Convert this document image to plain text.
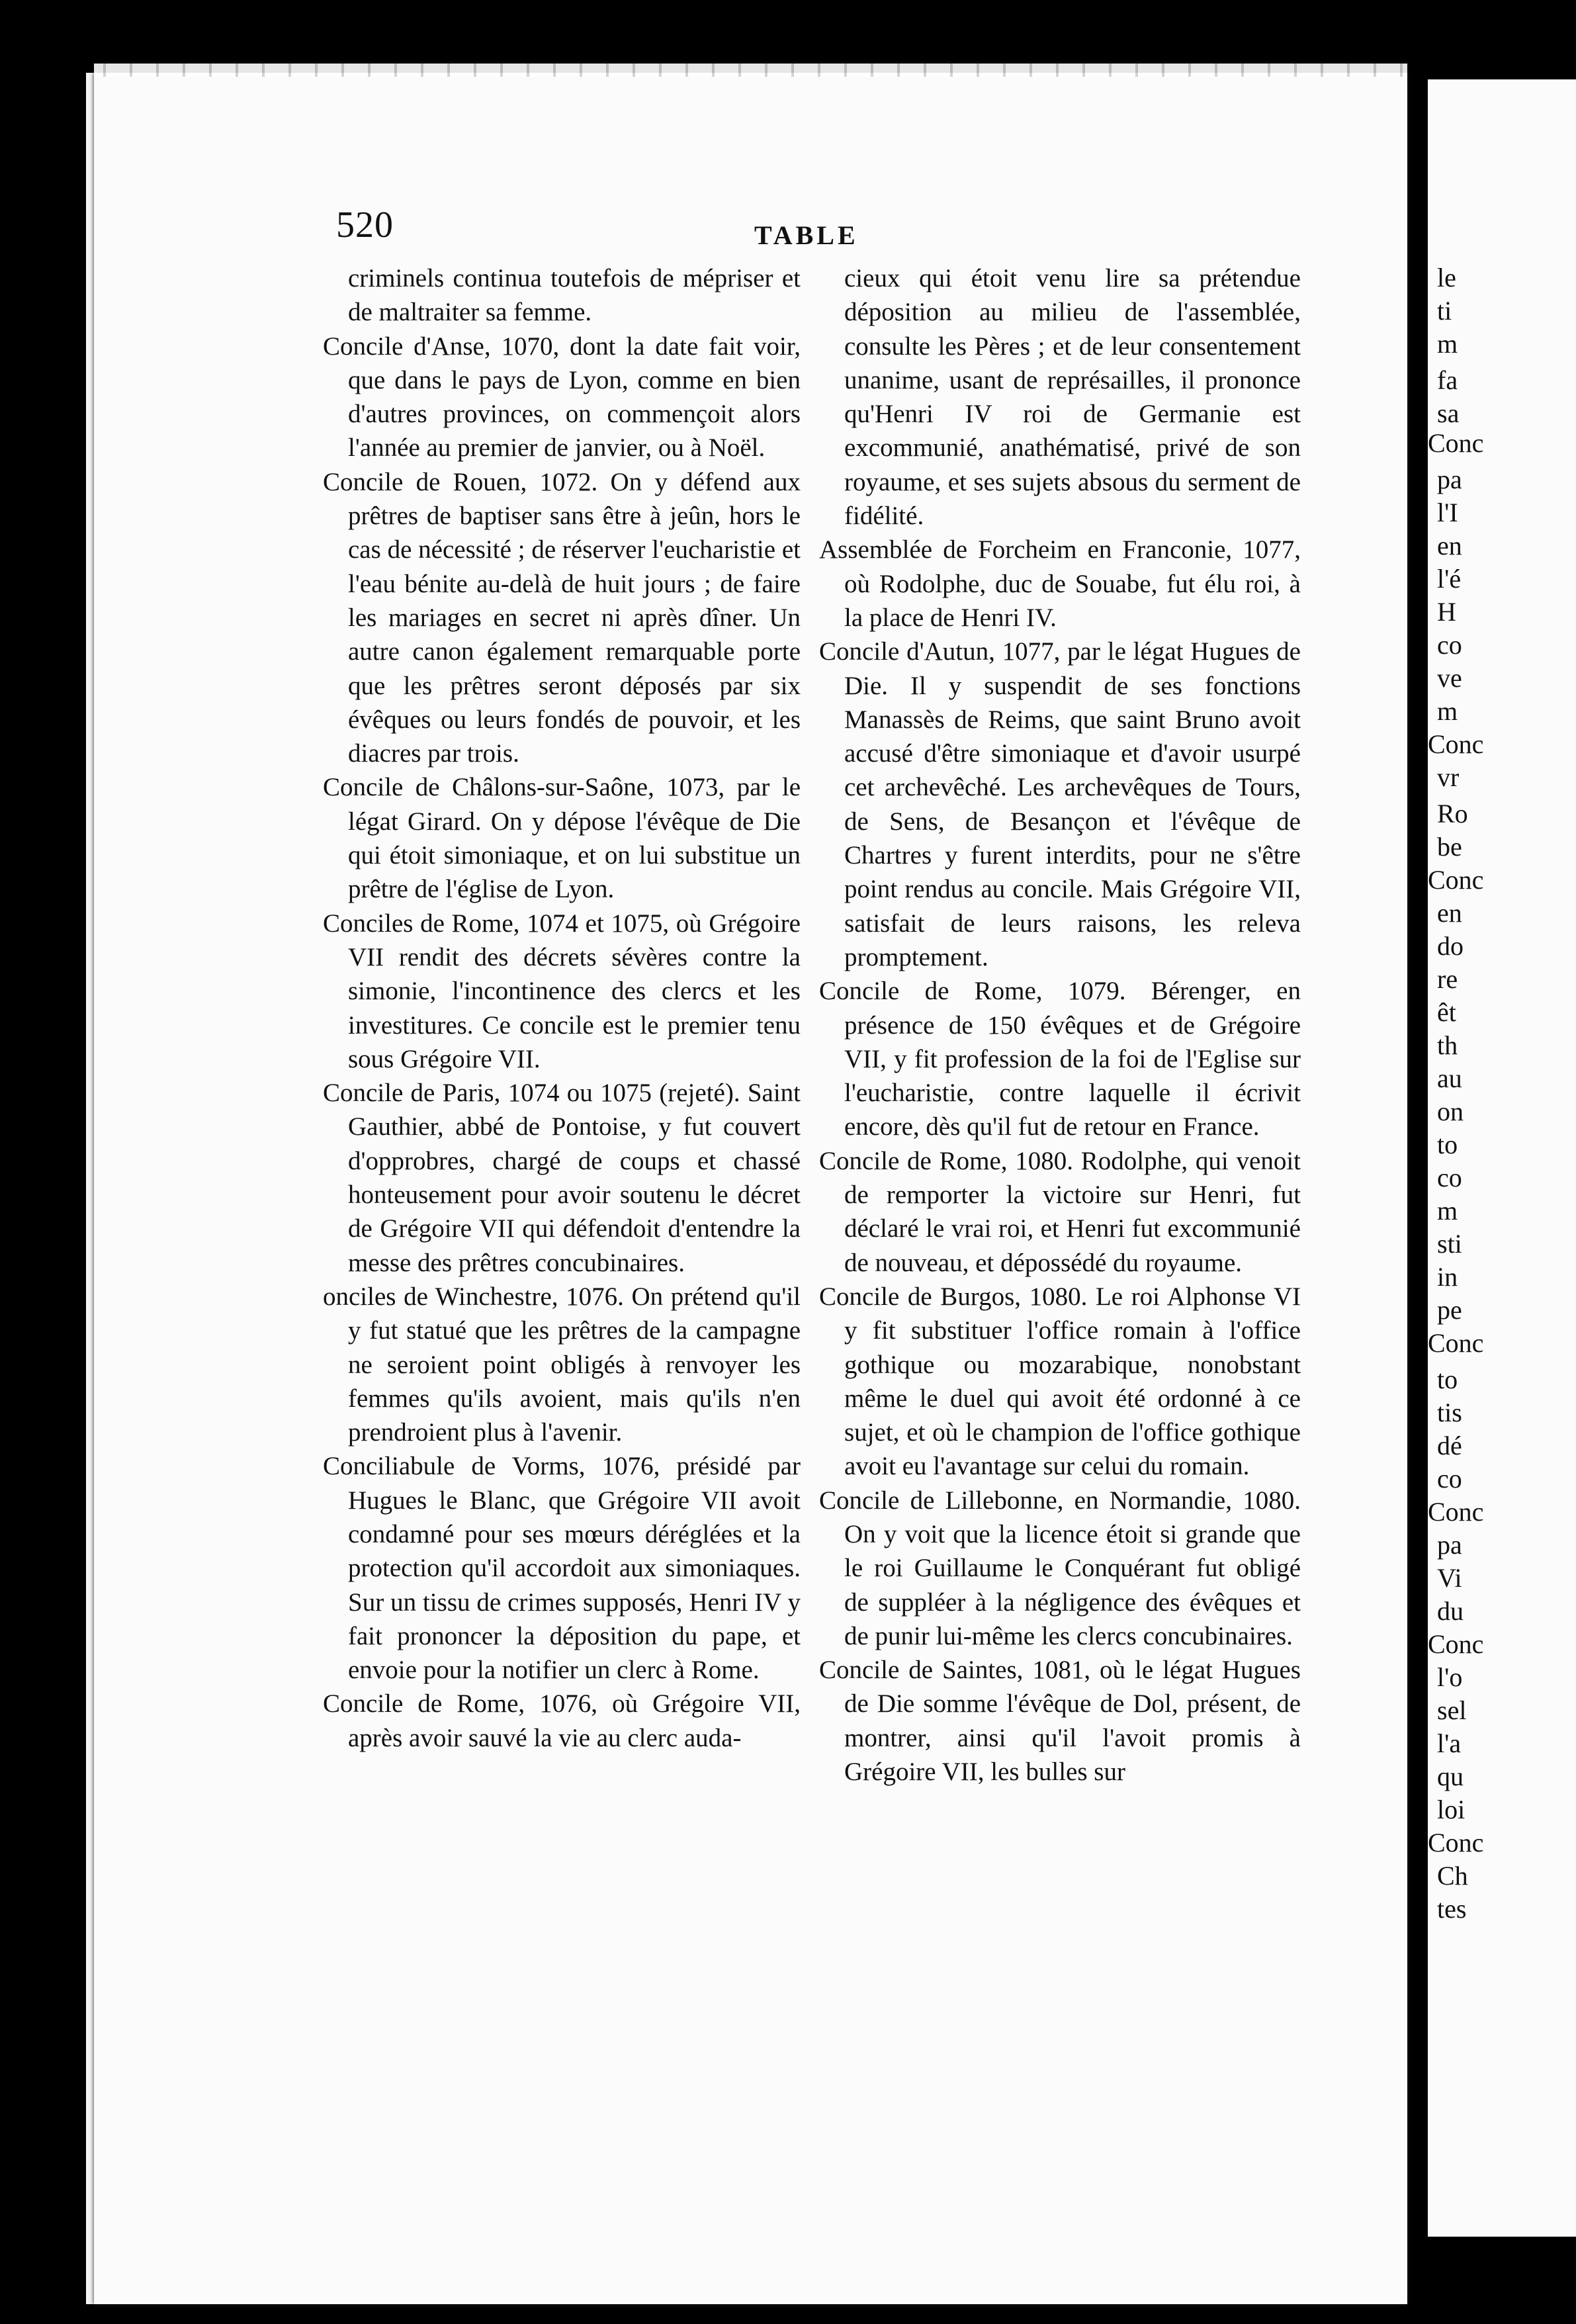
le
ti
m
fa
sa
Conc
pa
l'I
en
l'é
H
co
ve
m
Conc
vr
Ro
be
Conc
en
do
re
êt
th
au
on
to
co
m
sti
in
pe
Conc
to
tis
dé
co
Conc
pa
Vi
du
Conc
l'o
sel
l'a
qu
loi
Conc
Ch
tes
520	TABLE

criminels continua toutefois de mépriser et de maltraiter sa femme.

Concile d'Anse, 1070, dont la date fait voir, que dans le pays de Lyon, comme en bien d'autres provinces, on commençoit alors l'année au premier de janvier, ou à Noël.

Concile de Rouen, 1072. On y défend aux prêtres de baptiser sans être à jeûn, hors le cas de nécessité ; de réserver l'eucharistie et l'eau bénite au-delà de huit jours ; de faire les mariages en secret ni après dîner. Un autre canon également remarquable porte que les prêtres seront déposés par six évêques ou leurs fondés de pouvoir, et les diacres par trois.

Concile de Châlons-sur-Saône, 1073, par le légat Girard. On y dépose l'évêque de Die qui étoit simoniaque, et on lui substitue un prêtre de l'église de Lyon.

Conciles de Rome, 1074 et 1075, où Grégoire VII rendit des décrets sévères contre la simonie, l'incontinence des clercs et les investitures. Ce concile est le premier tenu sous Grégoire VII.

Concile de Paris, 1074 ou 1075 (rejeté). Saint Gauthier, abbé de Pontoise, y fut couvert d'opprobres, chargé de coups et chassé honteusement pour avoir soutenu le décret de Grégoire VII qui défendoit d'entendre la messe des prêtres concubinaires.

onciles de Winchestre, 1076. On prétend qu'il y fut statué que les prêtres de la campagne ne seroient point obligés à renvoyer les femmes qu'ils avoient, mais qu'ils n'en prendroient plus à l'avenir.

Conciliabule de Vorms, 1076, présidé par Hugues le Blanc, que Grégoire VII avoit condamné pour ses mœurs déréglées et la protection qu'il accordoit aux simoniaques. Sur un tissu de crimes supposés, Henri IV y fait prononcer la déposition du pape, et envoie pour la notifier un clerc à Rome.

Concile de Rome, 1076, où Grégoire VII, après avoir sauvé la vie au clerc auda-

cieux qui étoit venu lire sa prétendue déposition au milieu de l'assemblée, consulte les Pères ; et de leur consentement unanime, usant de représailles, il prononce qu'Henri IV roi de Germanie est excommunié, anathématisé, privé de son royaume, et ses sujets absous du serment de fidélité.

Assemblée de Forcheim en Franconie, 1077, où Rodolphe, duc de Souabe, fut élu roi, à la place de Henri IV.

Concile d'Autun, 1077, par le légat Hugues de Die. Il y suspendit de ses fonctions Manassès de Reims, que saint Bruno avoit accusé d'être simoniaque et d'avoir usurpé cet archevêché. Les archevêques de Tours, de Sens, de Besançon et l'évêque de Chartres y furent interdits, pour ne s'être point rendus au concile. Mais Grégoire VII, satisfait de leurs raisons, les releva promptement.

Concile de Rome, 1079. Bérenger, en présence de 150 évêques et de Grégoire VII, y fit profession de la foi de l'Eglise sur l'eucharistie, contre laquelle il écrivit encore, dès qu'il fut de retour en France.

Concile de Rome, 1080. Rodolphe, qui venoit de remporter la victoire sur Henri, fut déclaré le vrai roi, et Henri fut excommunié de nouveau, et dépossédé du royaume.

Concile de Burgos, 1080. Le roi Alphonse VI y fit substituer l'office romain à l'office gothique ou mozarabique, nonobstant même le duel qui avoit été ordonné à ce sujet, et où le champion de l'office gothique avoit eu l'avantage sur celui du romain.

Concile de Lillebonne, en Normandie, 1080. On y voit que la licence étoit si grande que le roi Guillaume le Conquérant fut obligé de suppléer à la négligence des évêques et de punir lui-même les clercs concubinaires.

Concile de Saintes, 1081, où le légat Hugues de Die somme l'évêque de Dol, présent, de montrer, ainsi qu'il l'avoit promis à Grégoire VII, les bulles sur
